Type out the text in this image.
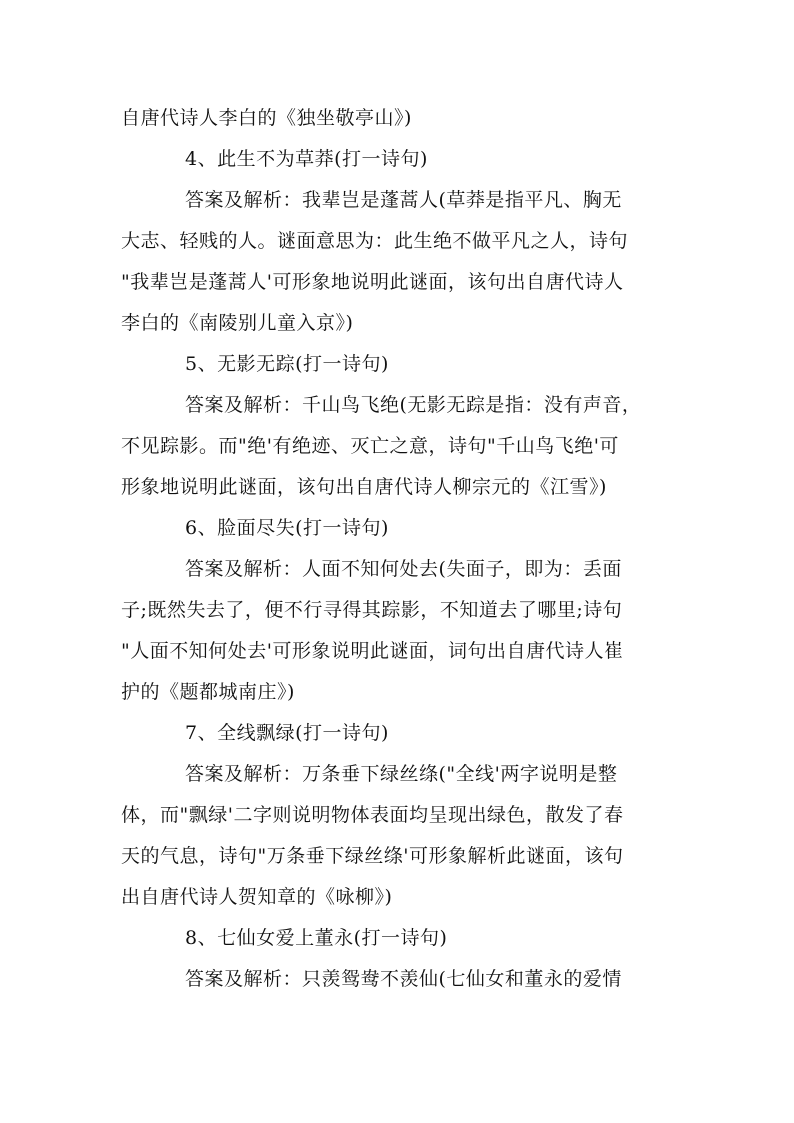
自唐代诗人李白的《独坐敬亭山》)
4、此生不为草莽(打一诗句)
答案及解析：我辈岂是蓬蒿人(草莽是指平凡、胸无
大志、轻贱的人。谜面意思为：此生绝不做平凡之人，诗句
"我辈岂是蓬蒿人'可形象地说明此谜面，该句出自唐代诗人
李白的《南陵别儿童入京》)
5、无影无踪(打一诗句)
答案及解析：千山鸟飞绝(无影无踪是指：没有声音，
不见踪影。而"绝'有绝迹、灭亡之意，诗句"千山鸟飞绝'可
形象地说明此谜面，该句出自唐代诗人柳宗元的《江雪》)
6、脸面尽失(打一诗句)
答案及解析：人面不知何处去(失面子，即为：丢面
子;既然失去了，便不行寻得其踪影，不知道去了哪里;诗句
"人面不知何处去'可形象说明此谜面，词句出自唐代诗人崔
护的《题都城南庄》)
7、全线飘绿(打一诗句)
答案及解析：万条垂下绿丝绦("全线'两字说明是整
体，而"飘绿'二字则说明物体表面均呈现出绿色，散发了春
天的气息，诗句"万条垂下绿丝绦'可形象解析此谜面，该句
出自唐代诗人贺知章的《咏柳》)
8、七仙女爱上董永(打一诗句)
答案及解析：只羡鸳鸯不羡仙(七仙女和董永的爱情
